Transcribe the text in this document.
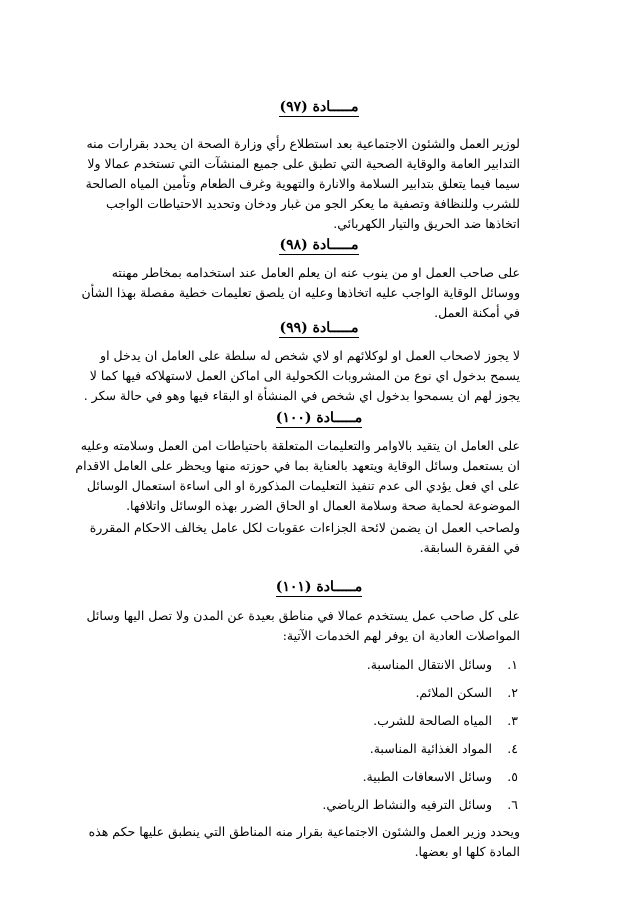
مـــــادة (٩٧)
لوزير العمل والشئون الاجتماعية بعد استطلاع رأي وزارة الصحة ان يحدد بقرارات منه
التدابير العامة والوقاية الصحية التي تطبق على جميع المنشآت التي تستخدم عمالا ولا
سيما فيما يتعلق بتدابير السلامة والانارة والتهوية وغرف الطعام وتأمين المياه الصالحة
للشرب وللنظافة وتصفية ما يعكر الجو من غبار ودخان وتحديد الاحتياطات الواجب
اتخاذها ضد الحريق والتيار الكهربائي.
مـــــادة (٩٨)
على صاحب العمل او من ينوب عنه ان يعلم العامل عند استخدامه بمخاطر مهنته
ووسائل الوقاية الواجب عليه اتخاذها وعليه ان يلصق تعليمات خطية مفصلة بهذا الشأن
في أمكنة العمل.
مـــــادة (٩٩)
لا يجوز لاصحاب العمل او لوكلائهم او لاي شخص له سلطة على العامل ان يدخل او
يسمح بدخول اي نوع من المشروبات الكحولية الى اماكن العمل لاستهلاكه فيها كما لا
يجوز لهم ان يسمحوا بدخول اي شخص في المنشأة او البقاء فيها وهو في حالة سكر .
مـــــادة (١٠٠)
على العامل ان يتقيد بالاوامر والتعليمات المتعلقة باحتياطات امن العمل وسلامته وعليه
ان يستعمل وسائل الوقاية ويتعهد بالعناية بما في حوزته منها ويحظر على العامل الاقدام
على اي فعل يؤدي الى عدم تنفيذ التعليمات المذكورة او الى اساءة استعمال الوسائل
الموضوعة لحماية صحة وسلامة العمال او الحاق الضرر بهذه الوسائل واتلافها.
ولصاحب العمل ان يضمن لائحة الجزاءات عقوبات لكل عامل يخالف الاحكام المقررة
في الفقرة السابقة.
مـــــادة (١٠١)
على كل صاحب عمل يستخدم عمالا في مناطق بعيدة عن المدن ولا تصل اليها وسائل
المواصلات العادية ان يوفر لهم الخدمات الآتية:
١. وسائل الانتقال المناسبة.
٢. السكن الملائم.
٣. المياه الصالحة للشرب.
٤. المواد الغذائية المناسبة.
٥. وسائل الاسعافات الطبية.
٦. وسائل الترفيه والنشاط الرياضي.
ويحدد وزير العمل والشئون الاجتماعية بقرار منه المناطق التي ينطبق عليها حكم هذه
المادة كلها او بعضها.
